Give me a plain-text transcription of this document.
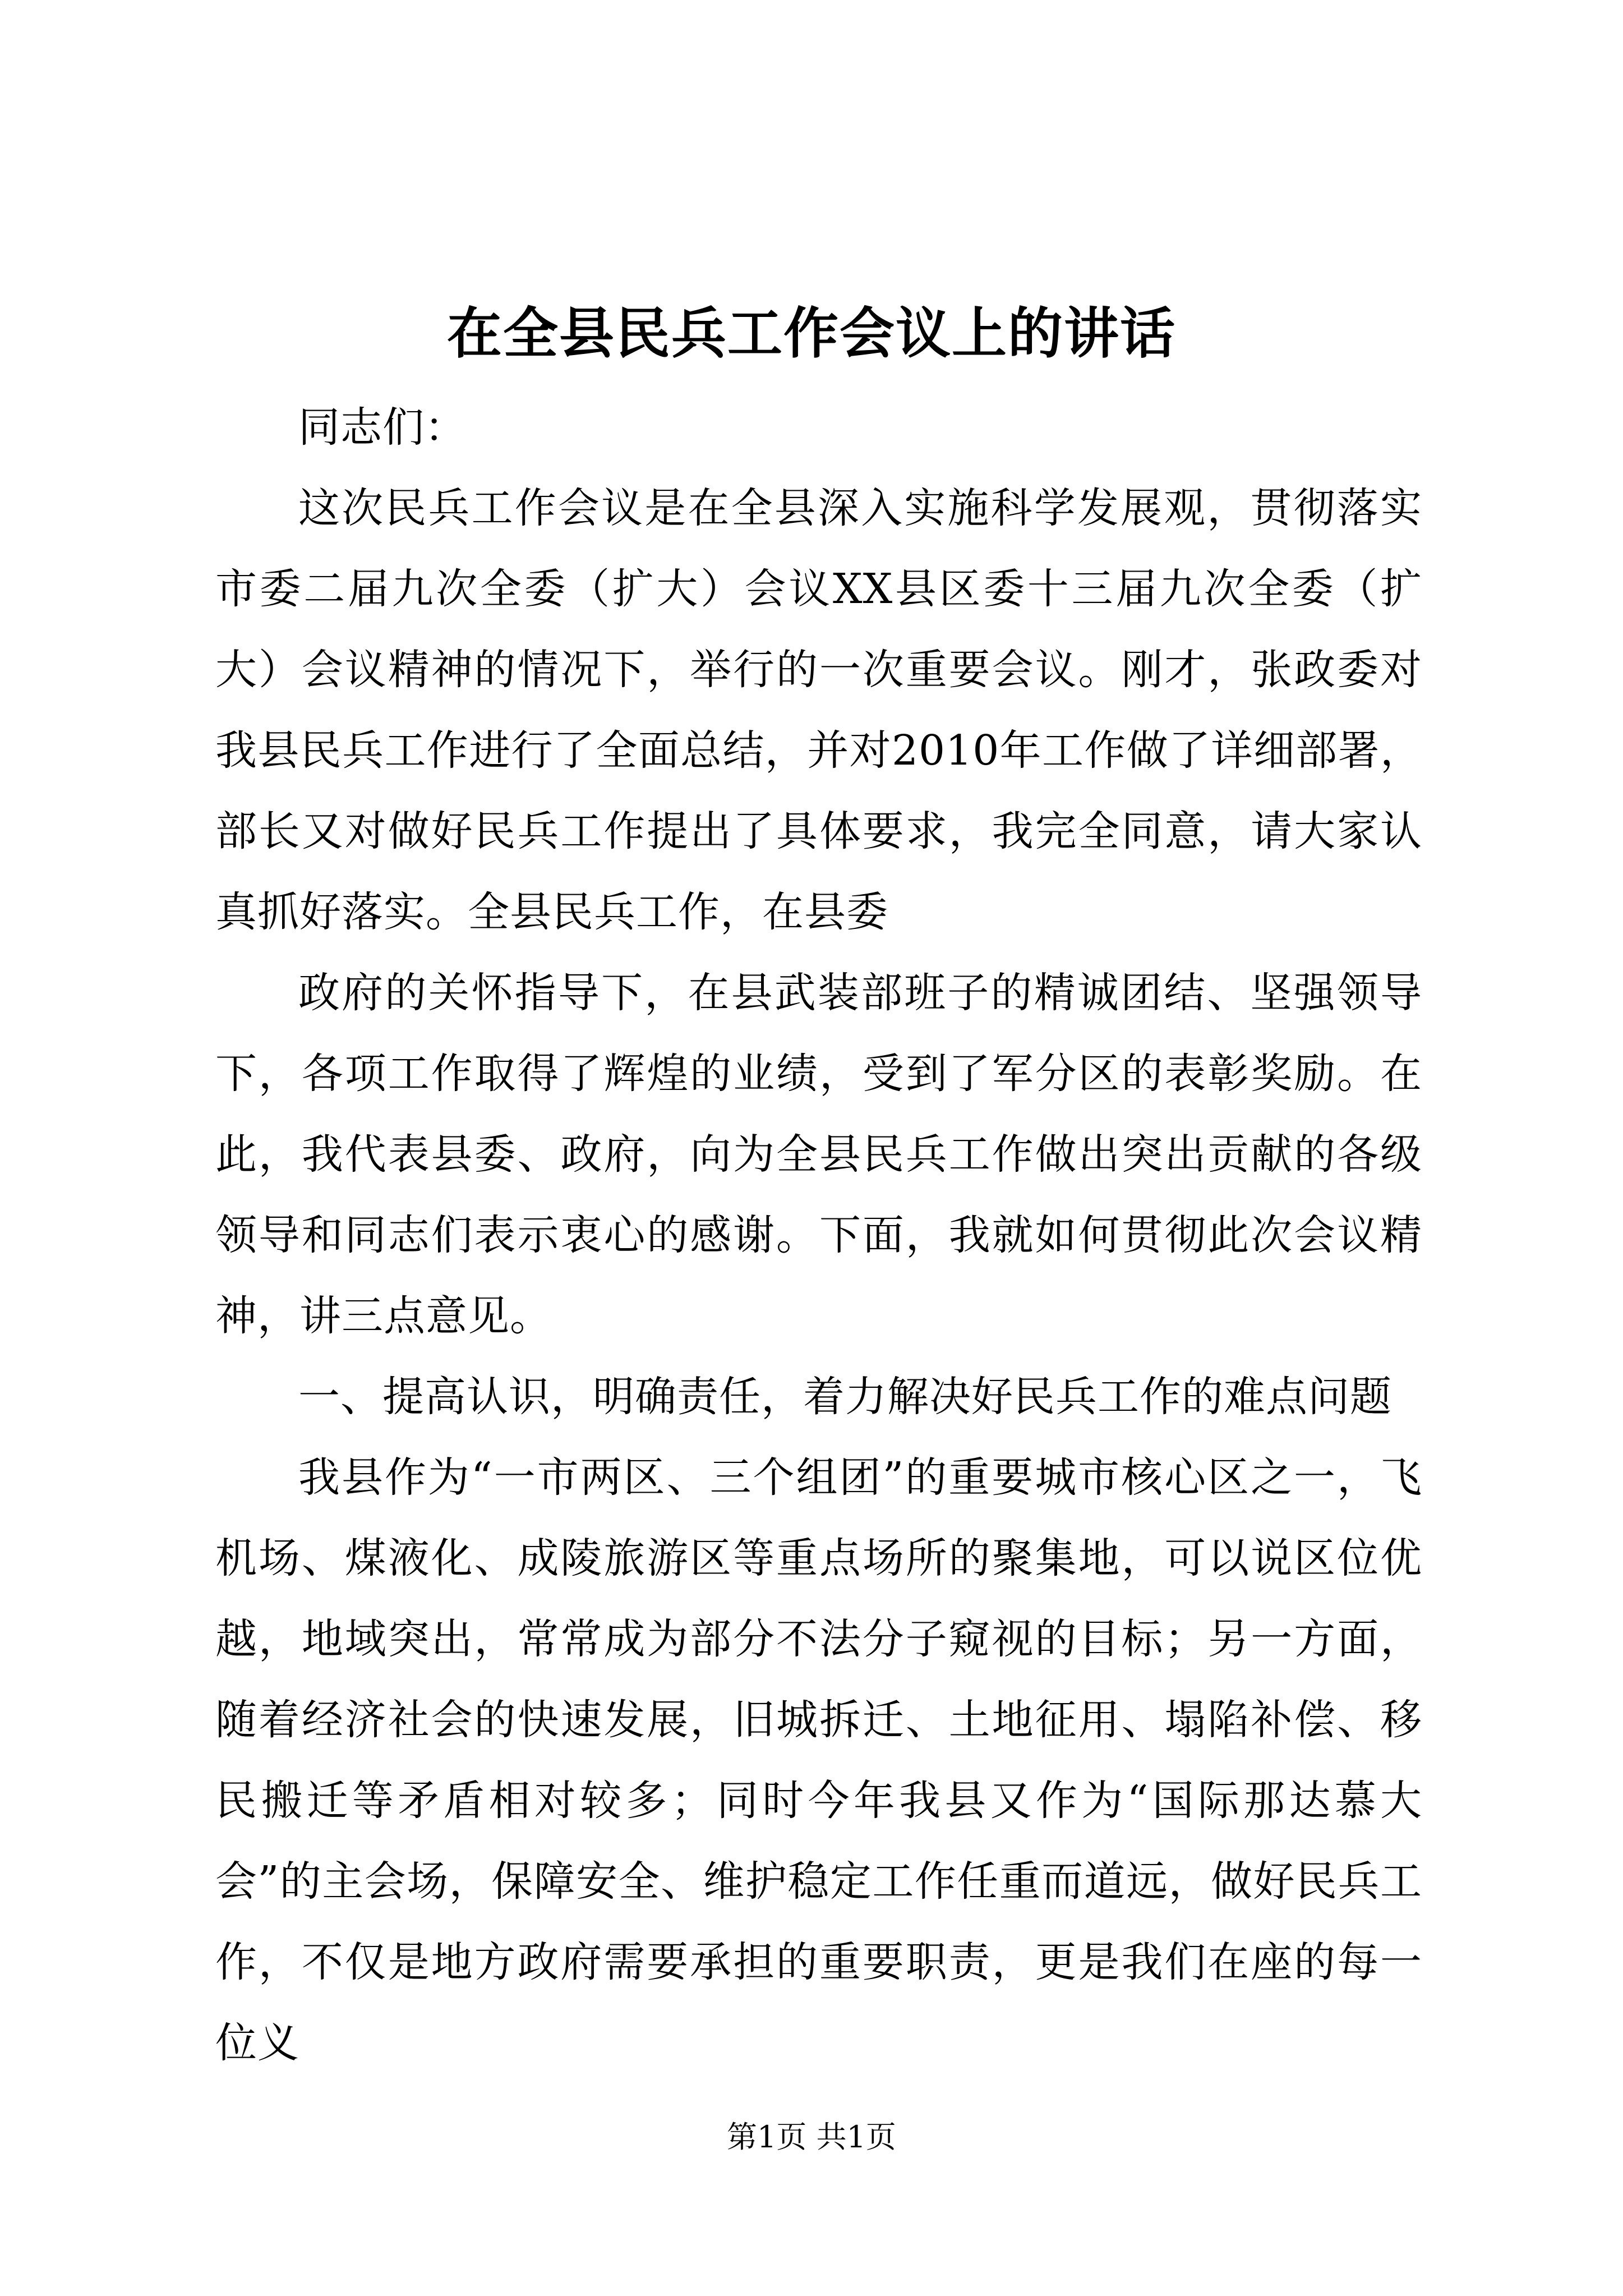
在全县民兵工作会议上的讲话

同志们：

这次民兵工作会议是在全县深入实施科学发展观，贯彻落实市委二届九次全委（扩大）会议XX县区委十三届九次全委（扩大）会议精神的情况下，举行的一次重要会议。刚才，张政委对我县民兵工作进行了全面总结，并对2010年工作做了详细部署，部长又对做好民兵工作提出了具体要求，我完全同意，请大家认真抓好落实。全县民兵工作，在县委

政府的关怀指导下，在县武装部班子的精诚团结、坚强领导下，各项工作取得了辉煌的业绩，受到了军分区的表彰奖励。在此，我代表县委、政府，向为全县民兵工作做出突出贡献的各级领导和同志们表示衷心的感谢。下面，我就如何贯彻此次会议精神，讲三点意见。

一、提高认识，明确责任，着力解决好民兵工作的难点问题

我县作为“一市两区、三个组团”的重要城市核心区之一，飞机场、煤液化、成陵旅游区等重点场所的聚集地，可以说区位优越，地域突出，常常成为部分不法分子窥视的目标；另一方面，随着经济社会的快速发展，旧城拆迁、土地征用、塌陷补偿、移民搬迁等矛盾相对较多；同时今年我县又作为“国际那达慕大会”的主会场，保障安全、维护稳定工作任重而道远，做好民兵工作，不仅是地方政府需要承担的重要职责，更是我们在座的每一位义

第1页 共1页
